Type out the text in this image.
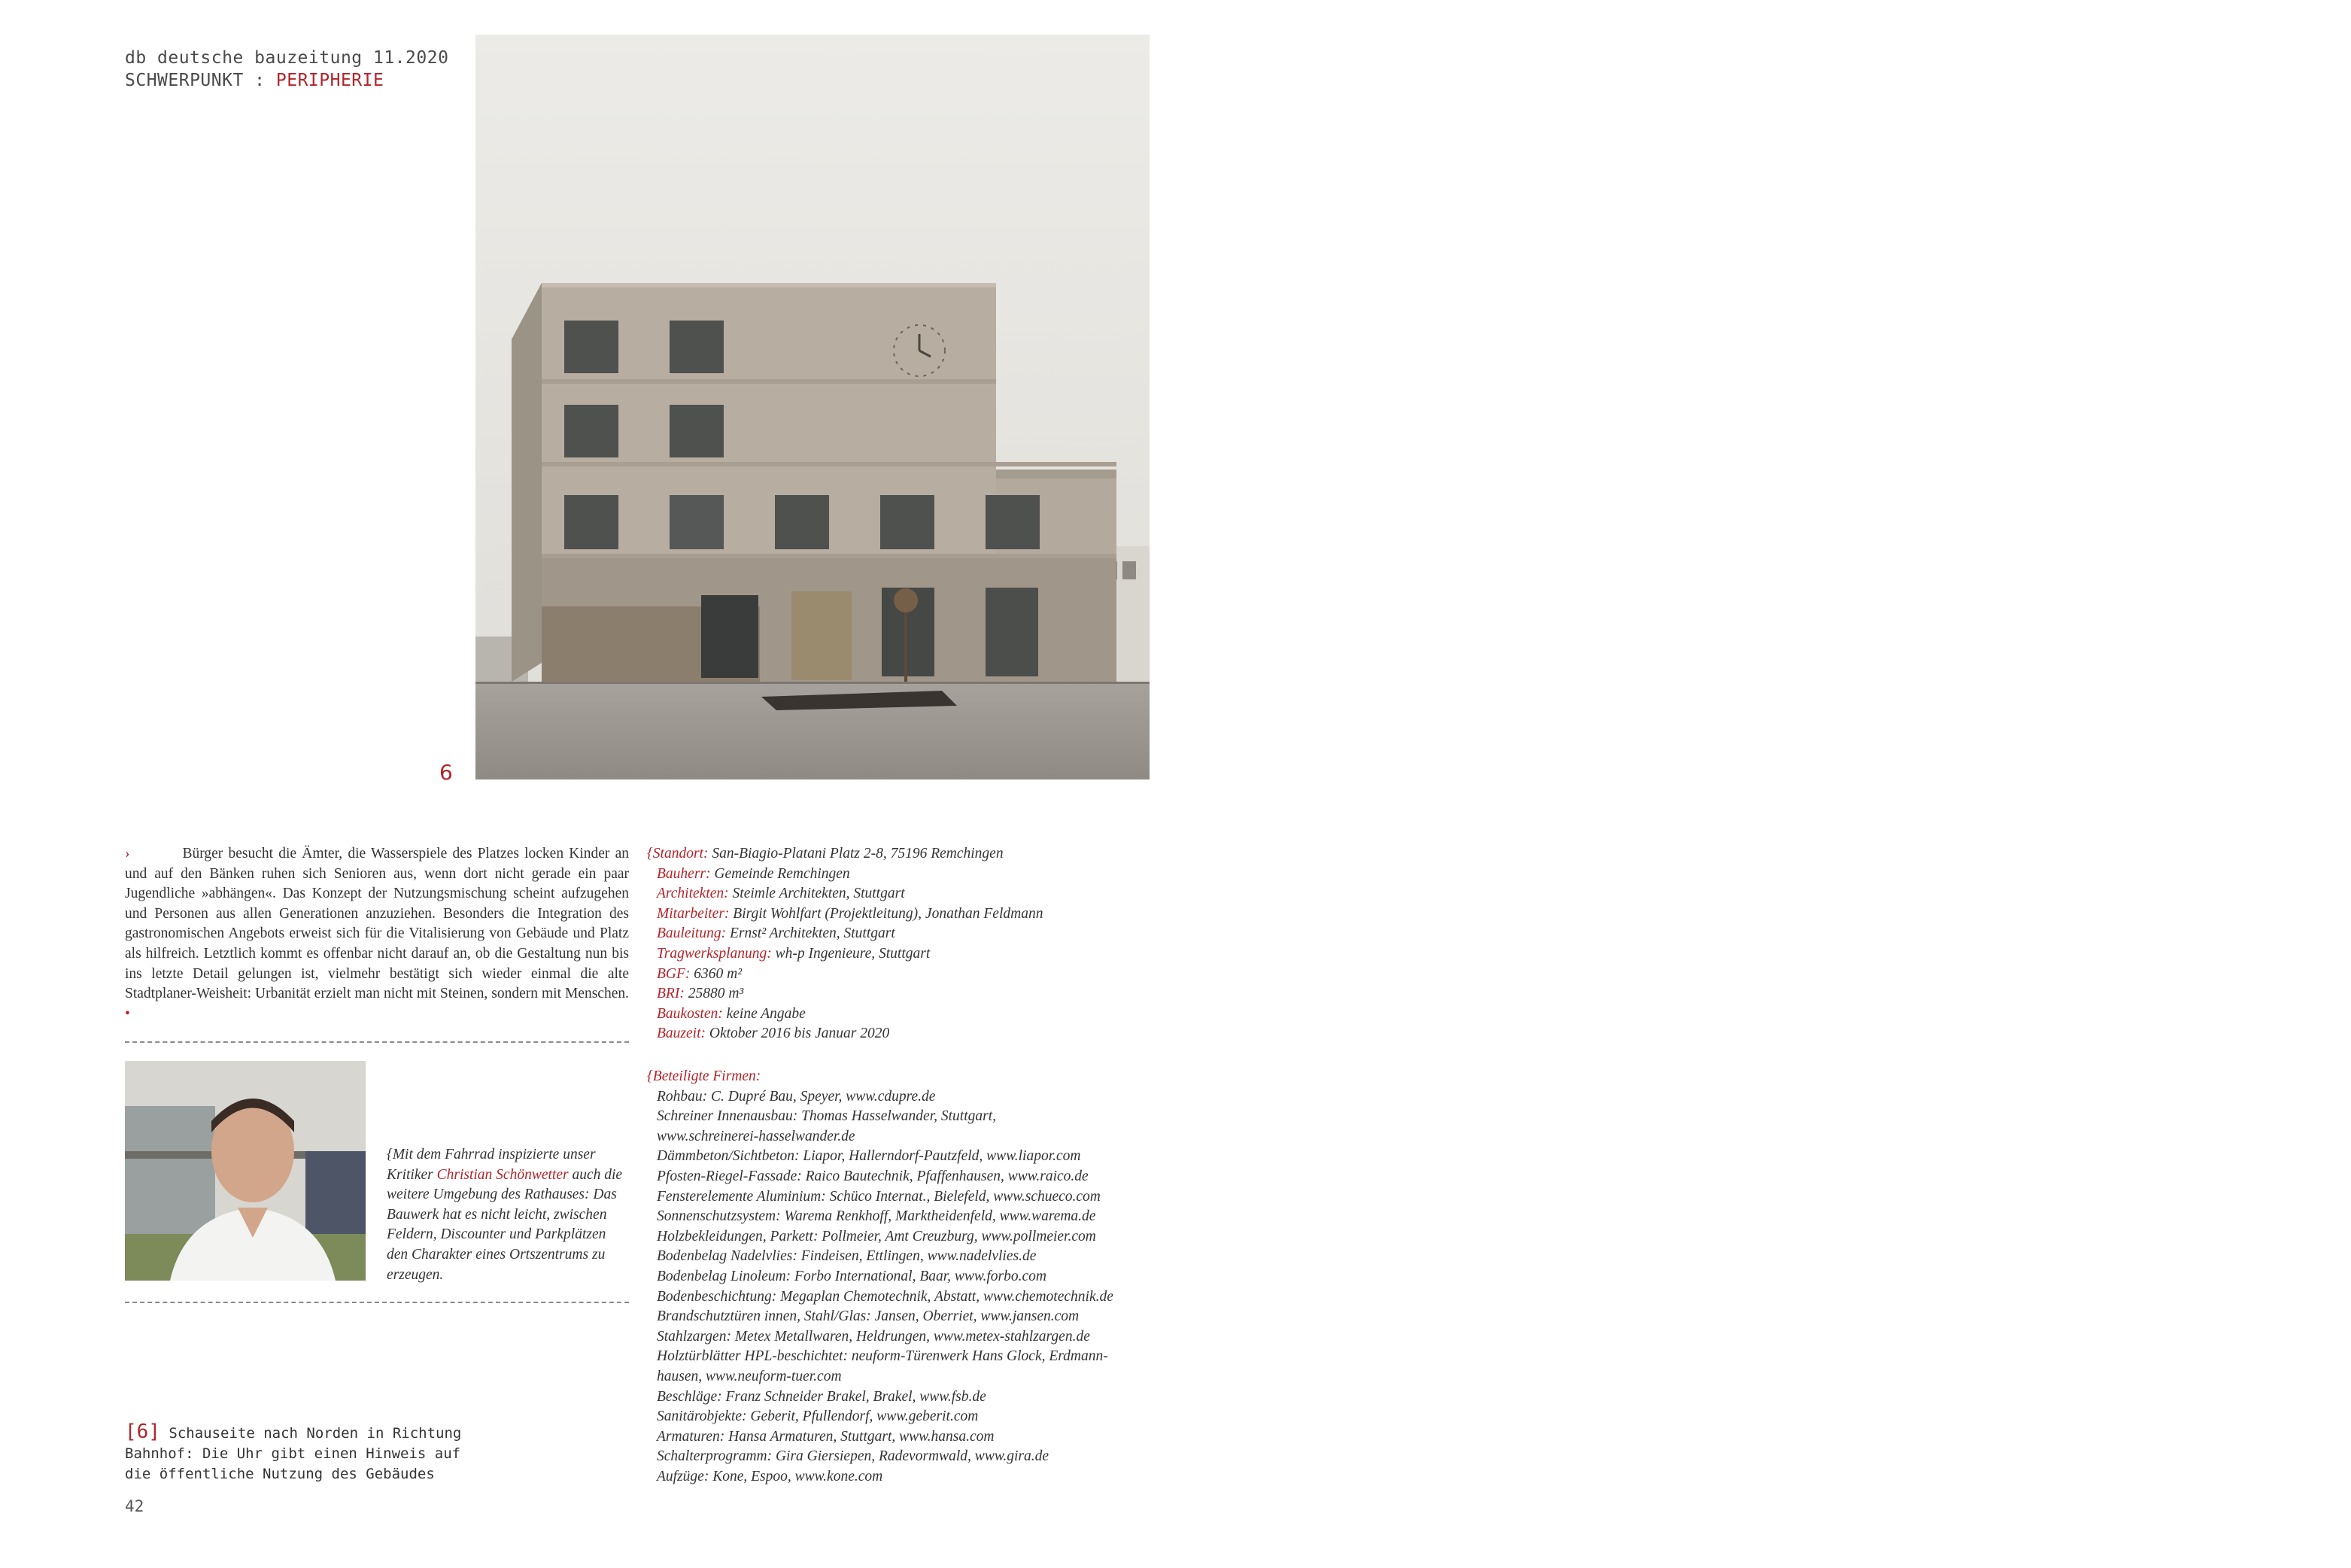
db deutsche bauzeitung 11.2020
SCHWERPUNKT : PERIPHERIE
6
›	Bürger besucht die Ämter, die Wasserspiele des Platzes locken Kinder an und auf den Bänken ruhen sich Senioren aus, wenn dort nicht gerade ein paar Jugendliche »abhängen«. Das Konzept der Nutzungsmischung scheint aufzugehen und Personen aus allen Generationen anzuziehen. Besonders die Integration des gastronomischen Angebots erweist sich für die Vitalisierung von Gebäude und Platz als hilfreich. Letztlich kommt es offenbar nicht darauf an, ob die Gestaltung nun bis ins letzte Detail gelungen ist, vielmehr bestätigt sich wieder einmal die alte Stadtplaner-Weisheit: Urbanität erzielt man nicht mit Steinen, sondern mit Menschen. •
{Mit dem Fahrrad inspizierte unser Kritiker Christian Schönwetter auch die weitere Umgebung des Rathauses: Das Bauwerk hat es nicht leicht, zwischen Feldern, Discounter und Parkplätzen den Charakter eines Ortszentrums zu erzeugen.
[6] Schauseite nach Norden in Richtung Bahnhof: Die Uhr gibt einen Hinweis auf die öffentliche Nutzung des Gebäudes
42
{Standort: San-Biagio-Platani Platz 2-8, 75196 Remchingen
Bauherr: Gemeinde Remchingen
Architekten: Steimle Architekten, Stuttgart
Mitarbeiter: Birgit Wohlfart (Projektleitung), Jonathan Feldmann
Bauleitung: Ernst² Architekten, Stuttgart
Tragwerksplanung: wh-p Ingenieure, Stuttgart
BGF: 6360 m²
BRI: 25880 m³
Baukosten: keine Angabe
Bauzeit: Oktober 2016 bis Januar 2020
{Beteiligte Firmen:
Rohbau: C. Dupré Bau, Speyer, www.cdupre.de
Schreiner Innenausbau: Thomas Hasselwander, Stuttgart,
www.schreinerei-hasselwander.de
Dämmbeton/Sichtbeton: Liapor, Hallerndorf-Pautzfeld, www.liapor.com
Pfosten-Riegel-Fassade: Raico Bautechnik, Pfaffenhausen, www.raico.de
Fensterelemente Aluminium: Schüco Internat., Bielefeld, www.schueco.com
Sonnenschutzsystem: Warema Renkhoff, Marktheidenfeld, www.warema.de
Holzbekleidungen, Parkett: Pollmeier, Amt Creuzburg, www.pollmeier.com
Bodenbelag Nadelvlies: Findeisen, Ettlingen, www.nadelvlies.de
Bodenbelag Linoleum: Forbo International, Baar, www.forbo.com
Bodenbeschichtung: Megaplan Chemotechnik, Abstatt, www.chemotechnik.de
Brandschutztüren innen, Stahl/Glas: Jansen, Oberriet, www.jansen.com
Stahlzargen: Metex Metallwaren, Heldrungen, www.metex-stahlzargen.de
Holztürblätter HPL-beschichtet: neuform-Türenwerk Hans Glock, Erdmann-
hausen, www.neuform-tuer.com
Beschläge: Franz Schneider Brakel, Brakel, www.fsb.de
Sanitärobjekte: Geberit, Pfullendorf, www.geberit.com
Armaturen: Hansa Armaturen, Stuttgart, www.hansa.com
Schalterprogramm: Gira Giersiepen, Radevormwald, www.gira.de
Aufzüge: Kone, Espoo, www.kone.com
